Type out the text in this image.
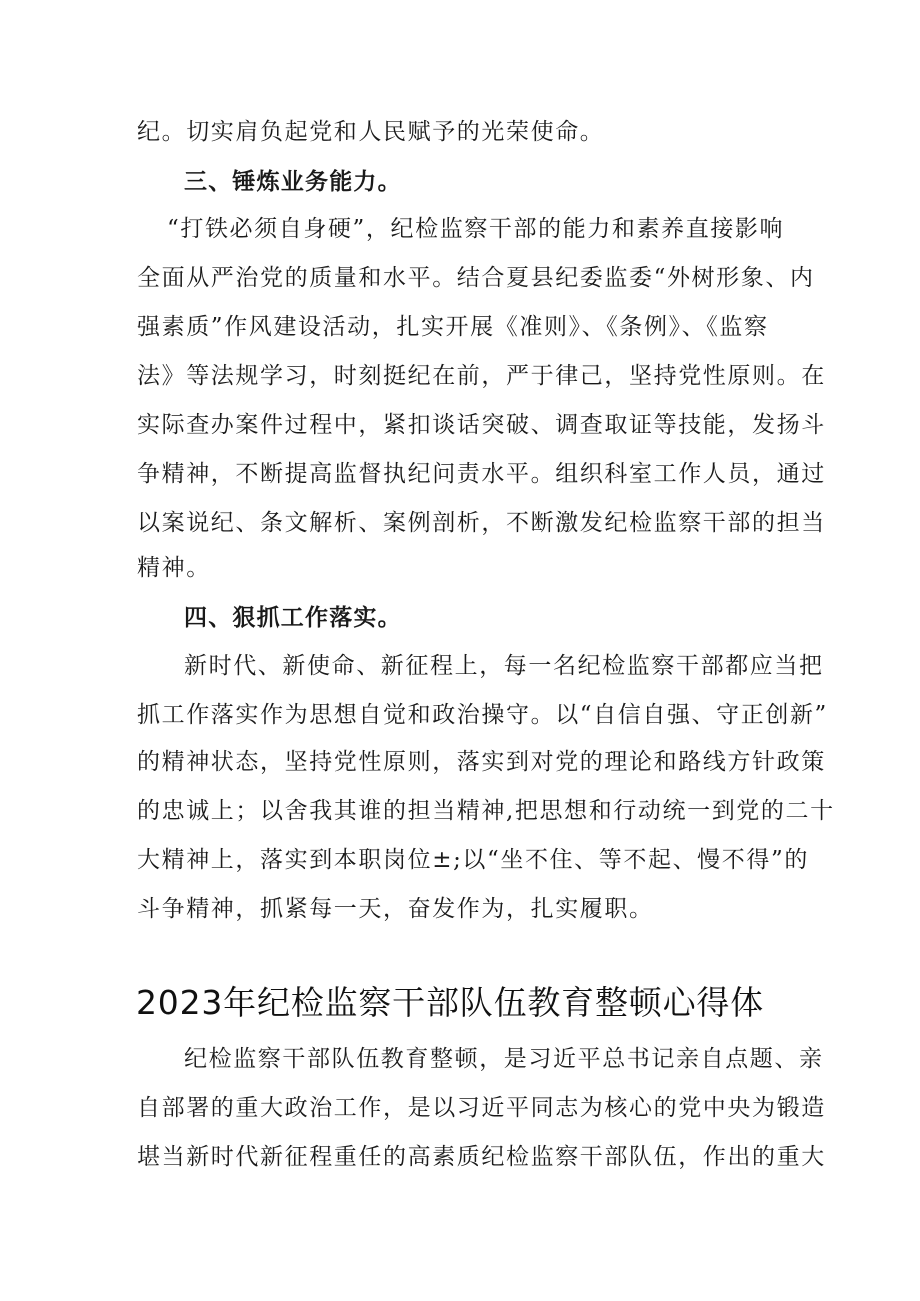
纪。切实肩负起党和人民赋予的光荣使命。
三、锤炼业务能力。
“打铁必须自身硬”，纪检监察干部的能力和素养直接影响
全面从严治党的质量和水平。结合夏县纪委监委“外树形象、内
强素质”作风建设活动，扎实开展《准则》、《条例》、《监察
法》等法规学习，时刻挺纪在前，严于律己，坚持党性原则。在
实际查办案件过程中，紧扣谈话突破、调查取证等技能，发扬斗
争精神，不断提高监督执纪问责水平。组织科室工作人员，通过
以案说纪、条文解析、案例剖析，不断激发纪检监察干部的担当
精神。
四、狠抓工作落实。
新时代、新使命、新征程上，每一名纪检监察干部都应当把
抓工作落实作为思想自觉和政治操守。以“自信自强、守正创新”
的精神状态，坚持党性原则，落实到对党的理论和路线方针政策
的忠诚上；以舍我其谁的担当精神,把思想和行动统一到党的二十
大精神上，落实到本职岗位±;以“坐不住、等不起、慢不得”的
斗争精神，抓紧每一天，奋发作为，扎实履职。
2023年纪检监察干部队伍教育整顿心得体
纪检监察干部队伍教育整顿，是习近平总书记亲自点题、亲
自部署的重大政治工作，是以习近平同志为核心的党中央为锻造
堪当新时代新征程重任的高素质纪检监察干部队伍，作出的重大
